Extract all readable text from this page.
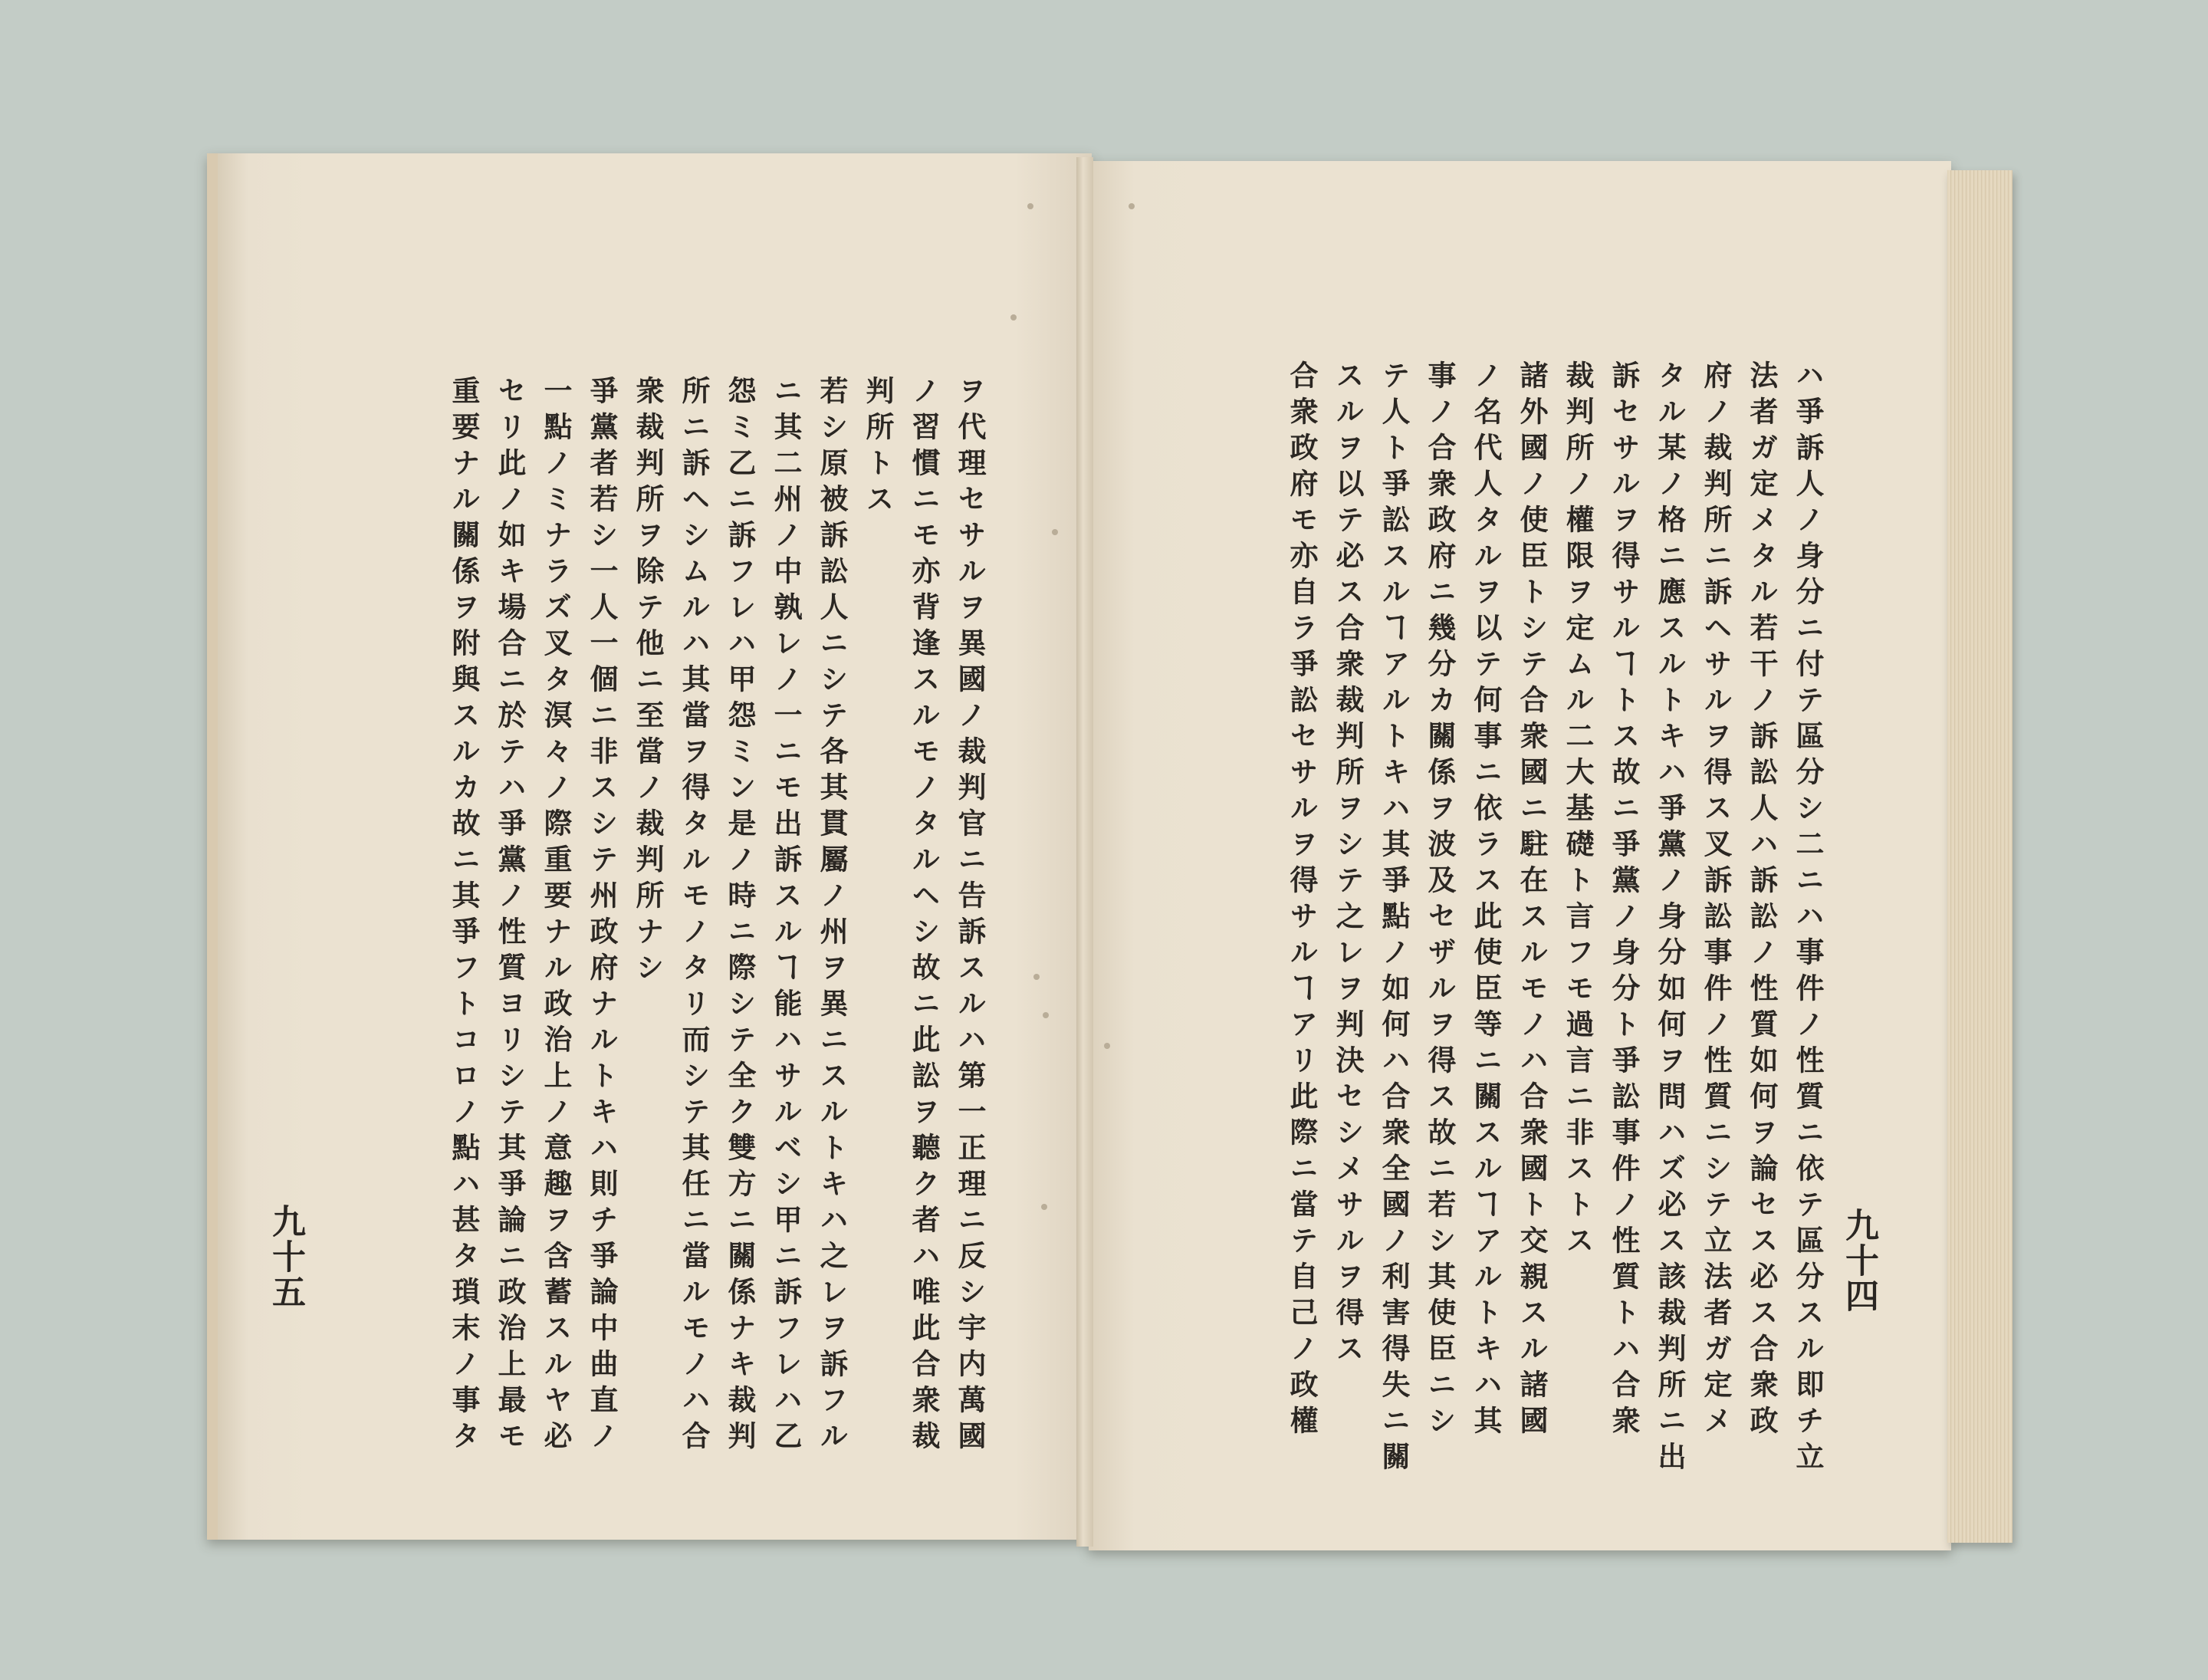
ヲ代理セサルヲ異國ノ裁判官ニ告訴スルハ第一正理ニ反シ宇内萬國
ノ習慣ニモ亦背逢スルモノタルヘシ故ニ此訟ヲ聽ク者ハ唯此合衆裁
判所トス
若シ原被訴訟人ニシテ各其貫屬ノ州ヲ異ニスルトキハ之レヲ訴フル
ニ其二州ノ中孰レノ一ニモ出訴スルヿ能ハサルベシ甲ニ訴フレハ乙
怨ミ乙ニ訴フレハ甲怨ミン是ノ時ニ際シテ全ク雙方ニ關係ナキ裁判
所ニ訴ヘシムルハ其當ヲ得タルモノタリ而シテ其任ニ當ルモノハ合
衆裁判所ヲ除テ他ニ至當ノ裁判所ナシ
爭黨者若シ一人一個ニ非スシテ州政府ナルトキハ則チ爭論中曲直ノ
一點ノミナラズ叉タ溟々ノ際重要ナル政治上ノ意趣ヲ含蓄スルヤ必
セリ此ノ如キ場合ニ於テハ爭黨ノ性質ヨリシテ其爭論ニ政治上最モ
重要ナル關係ヲ附與スルカ故ニ其爭フトコロノ點ハ甚タ瑣末ノ事タ	ハ爭訴人ノ身分ニ付テ區分シ二ニハ事件ノ性質ニ依テ區分スル即チ立
法者ガ定メタル若干ノ訴訟人ハ訴訟ノ性質如何ヲ論セス必ス合衆政
府ノ裁判所ニ訴ヘサルヲ得ス叉訴訟事件ノ性質ニシテ立法者ガ定メ
タル某ノ格ニ應スルトキハ爭黨ノ身分如何ヲ問ハズ必ス該裁判所ニ出
訴セサルヲ得サルヿトス故ニ爭黨ノ身分ト爭訟事件ノ性質トハ合衆
裁判所ノ權限ヲ定ムル二大基礎ト言フモ過言ニ非ストス
諸外國ノ使臣トシテ合衆國ニ駐在スルモノハ合衆國ト交親スル諸國
ノ名代人タルヲ以テ何事ニ依ラス此使臣等ニ關スルヿアルトキハ其
事ノ合衆政府ニ幾分カ關係ヲ波及セザルヲ得ス故ニ若シ其使臣ニシ
テ人ト爭訟スルヿアルトキハ其爭點ノ如何ハ合衆全國ノ利害得失ニ關
スルヲ以テ必ス合衆裁判所ヲシテ之レヲ判決セシメサルヲ得ス
合衆政府モ亦自ラ爭訟セサルヲ得サルヿアリ此際ニ當テ自己ノ政權
九十五	九十四
